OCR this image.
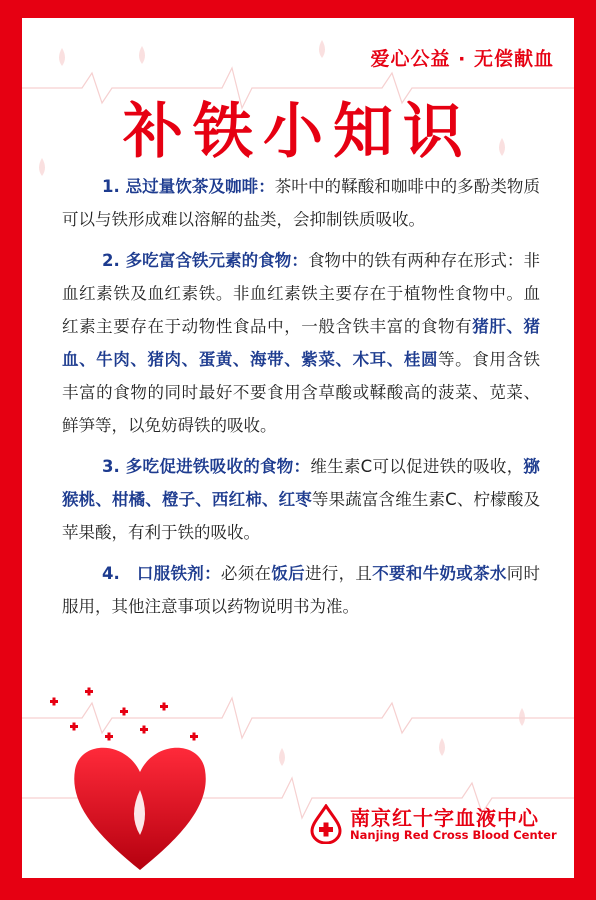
爱心公益 · 无偿献血
补铁小知识

1. 忌过量饮茶及咖啡：茶叶中的鞣酸和咖啡中的多酚类物质可以与铁形成难以溶解的盐类，会抑制铁质吸收。

2. 多吃富含铁元素的食物：食物中的铁有两种存在形式：非血红素铁及血红素铁。非血红素铁主要存在于植物性食物中。血红素主要存在于动物性食品中，一般含铁丰富的食物有猪肝、猪血、牛肉、猪肉、蛋黄、海带、紫菜、木耳、桂圆等。食用含铁丰富的食物的同时最好不要食用含草酸或鞣酸高的菠菜、苋菜、鲜笋等，以免妨碍铁的吸收。

3. 多吃促进铁吸收的食物：维生素C可以促进铁的吸收，猕猴桃、柑橘、橙子、西红柿、红枣等果蔬富含维生素C、柠檬酸及苹果酸，有利于铁的吸收。

4.　口服铁剂：必须在饭后进行，且不要和牛奶或茶水同时服用，其他注意事项以药物说明书为准。

南京红十字血液中心
Nanjing Red Cross Blood Center
